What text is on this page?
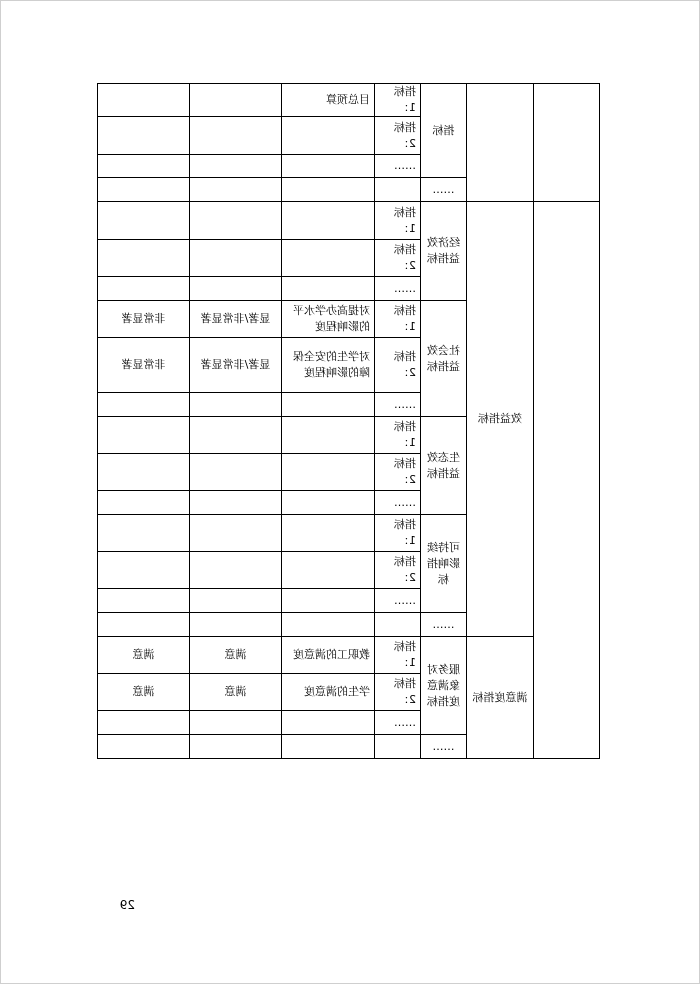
		指标	指标1：	目总预算		
			指标2：			
			……			
		……				
	效益指标	经济效益指标	指标1：			
			指标2：			
			……			
		社会效益指标	指标1：	对提高办学水平的影响程度	显著/非常显著	非常显著
			指标2：	对学生的安全保障的影响程度	显著/非常显著	非常显著
			……			
		生态效益指标	指标1：			
			指标2：			
			……			
		可持续影响指标	指标1：			
			指标2：			
			……			
		……				
	满意度指标	服务对象满意度指标	指标1：	教职工的满意度	满意	满意
			指标2：	学生的满意度	满意	满意
			……			
		……				
29
